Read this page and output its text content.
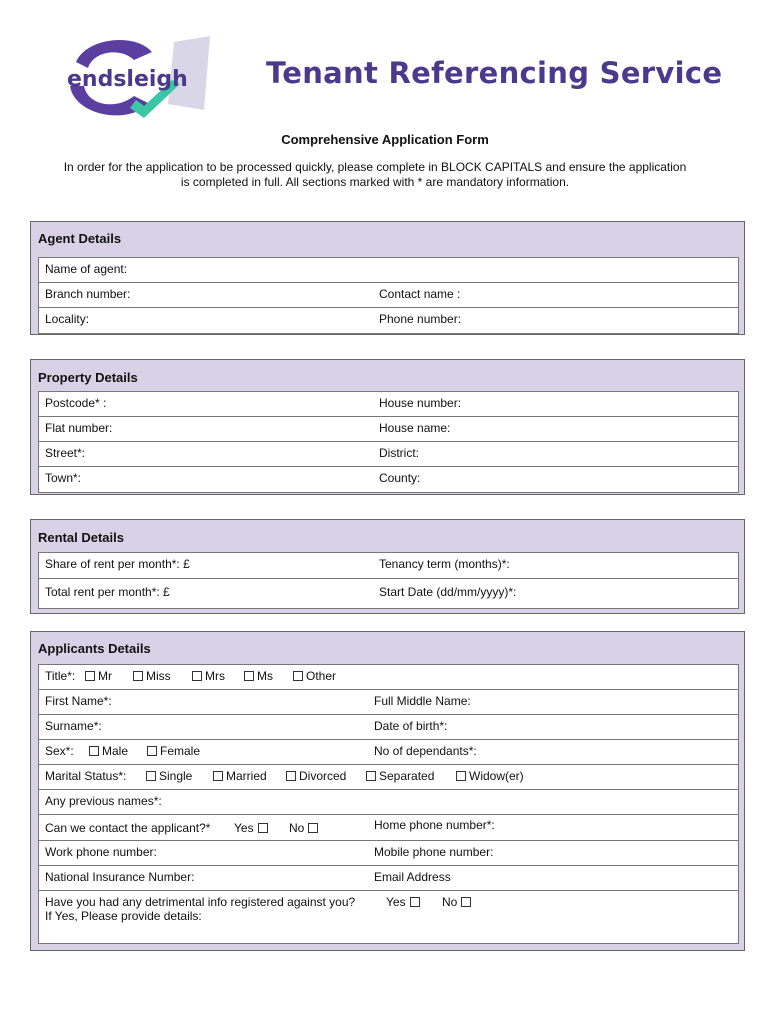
endsleigh	Tenant Referencing Service
Comprehensive Application Form
In order for the application to be processed quickly, please complete in BLOCK CAPITALS and ensure the application is completed in full. All sections marked with * are mandatory information.
Agent Details
Name of agent:
Branch number:	Contact name :
Locality:	Phone number:
Property Details
Postcode* :	House number:
Flat number:	House name:
Street*:	District:
Town*:	County:
Rental Details
Share of rent per month*: £	Tenancy term (months)*:
Total rent per month*: £	Start Date (dd/mm/yyyy)*:
Applicants Details
Title*:	Mr	Miss	Mrs	Ms	Other
First Name*:	Full Middle Name:
Surname*:	Date of birth*:
Sex*:	Male	Female	No of dependants*:
Marital Status*:	Single	Married	Divorced	Separated	Widow(er)
Any previous names*:
Can we contact the applicant?* Yes	No	Home phone number*:
Work phone number:	Mobile phone number:
National Insurance Number:	Email Address
Have you had any detrimental info registered against you?	Yes	No
If Yes, Please provide details:
